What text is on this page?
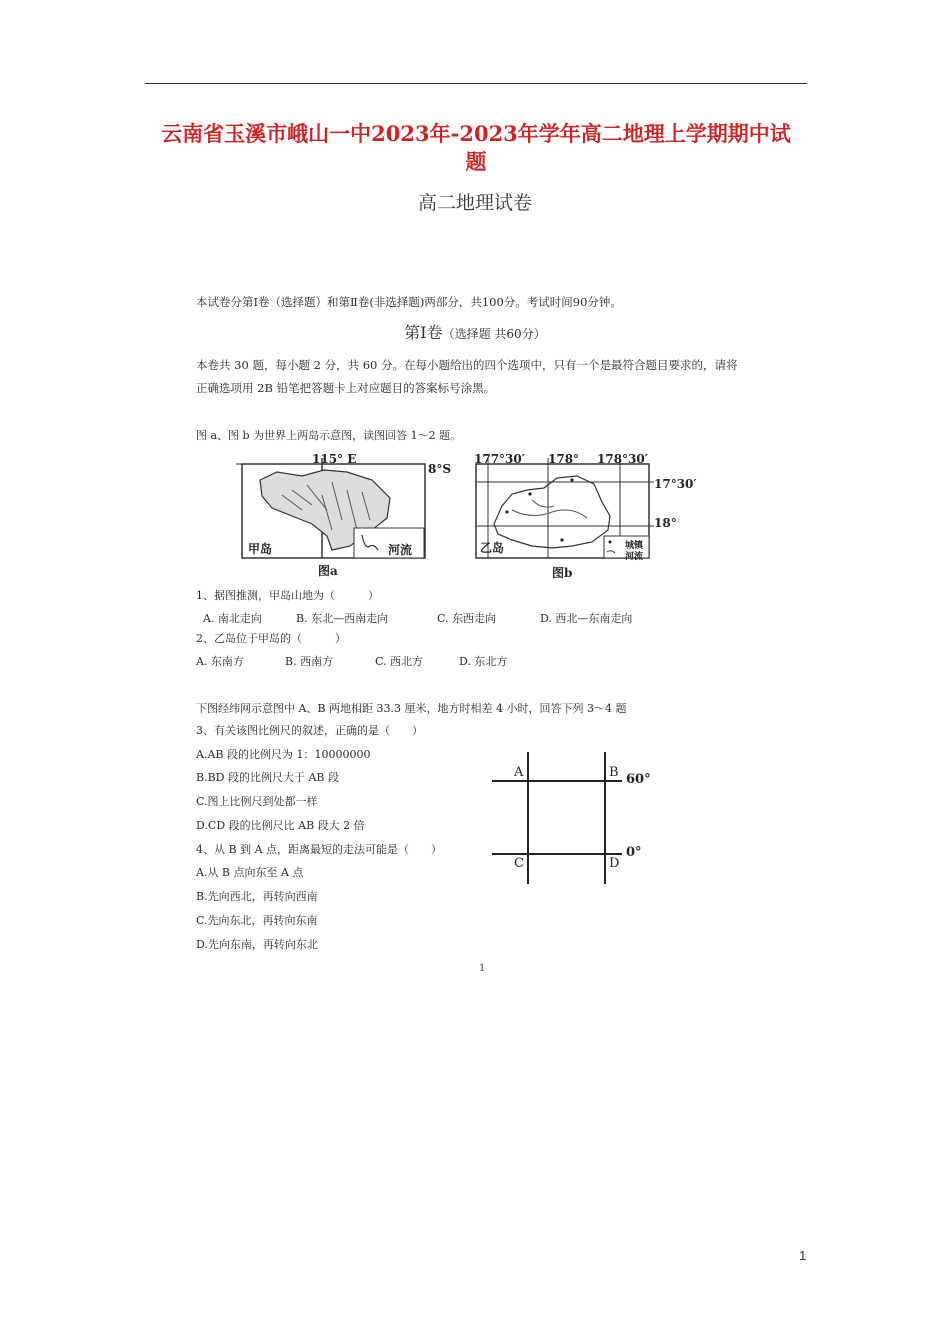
云南省玉溪市峨山一中2023年-2023年学年高二地理上学期期中试
题
高二地理试卷
本试卷分第Ⅰ卷（选择题）和第Ⅱ卷(非选择题)两部分，共100分。考试时间90分钟。
第Ⅰ卷（选择题 共60分）
本卷共 30 题，每小题 2 分，共 60 分。在每小题给出的四个选项中，只有一个是最符合题目要求的，请将
正确选项用 2B 铅笔把答题卡上对应题目的答案标号涂黑。
图 a、图 b 为世界上两岛示意图，读图回答 1～2 题。
115° E
8°S
甲岛	河流
图a
177°30′ 178° 178°30′
17°30′
18°
乙岛	城镇
河流
图b
1、据图推测，甲岛山地为（　　　）
A. 南北走向	B. 东北—西南走向	C. 东西走向	D. 西北—东南走向
2、乙岛位于甲岛的（　　　）
A. 东南方	B. 西南方	C. 西北方	D. 东北方
下图经纬网示意图中 A、B 两地相距 33.3 厘米，地方时相差 4 小时，回答下列 3～4 题
3、有关该图比例尺的叙述，正确的是（　　）
A.AB 段的比例尺为 1：10000000
B.BD 段的比例尺大于 AB 段
C.图上比例尺到处都一样
D.CD 段的比例尺比 AB 段大 2 倍
4、从 B 到 A 点，距离最短的走法可能是（　　）
A.从 B 点向东至 A 点
B.先向西北，再转向西南
C.先向东北，再转向东南
D.先向东南，再转向东北
A	B
C	D
60°
0°
1
1
